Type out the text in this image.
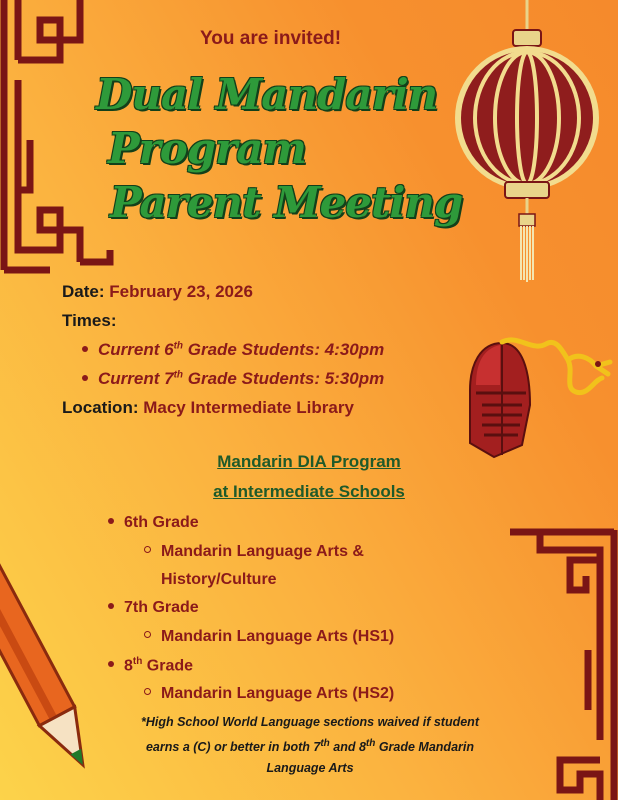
You are invited!
Dual Mandarin
Program
Parent Meeting
Date: February 23, 2026
Times:
Current 6th Grade Students: 4:30pm
Current 7th Grade Students: 5:30pm
Location: Macy Intermediate Library
Mandarin DIA Program
at Intermediate Schools
6th Grade
Mandarin Language Arts &
History/Culture
7th Grade
Mandarin Language Arts (HS1)
8th Grade
Mandarin Language Arts (HS2)
*High School World Language sections waived if student
earns a (C) or better in both 7th and 8th Grade Mandarin
Language Arts
